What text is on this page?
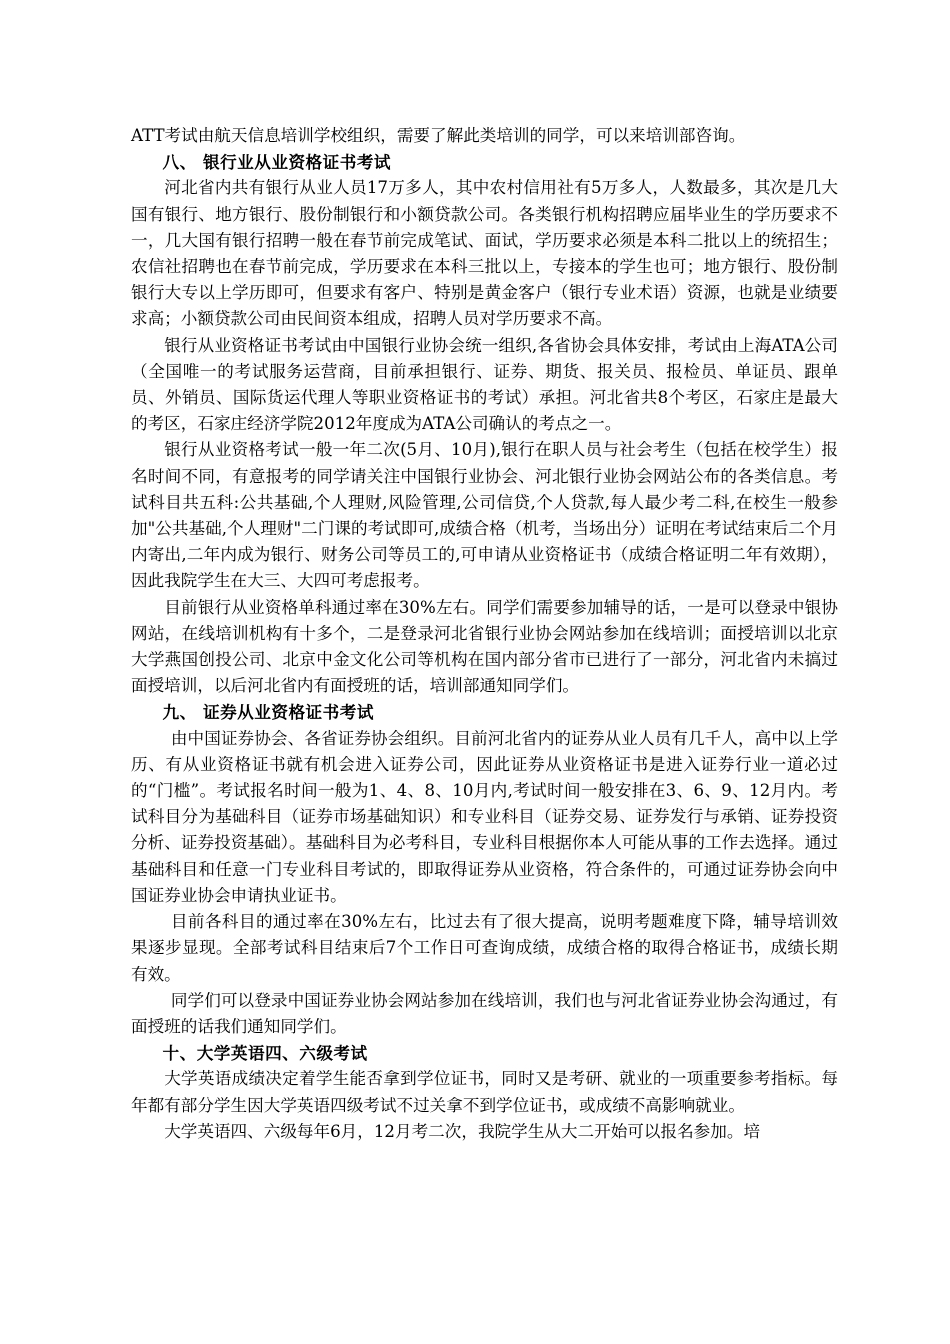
ATT考试由航天信息培训学校组织，需要了解此类培训的同学，可以来培训部咨询。

八、 银行业从业资格证书考试

河北省内共有银行从业人员17万多人，其中农村信用社有5万多人，人数最多，其次是几大国有银行、地方银行、股份制银行和小额贷款公司。各类银行机构招聘应届毕业生的学历要求不一，几大国有银行招聘一般在春节前完成笔试、面试，学历要求必须是本科二批以上的统招生；农信社招聘也在春节前完成，学历要求在本科三批以上，专接本的学生也可；地方银行、股份制银行大专以上学历即可，但要求有客户、特别是黄金客户（银行专业术语）资源，也就是业绩要求高；小额贷款公司由民间资本组成，招聘人员对学历要求不高。

银行从业资格证书考试由中国银行业协会统一组织,各省协会具体安排，考试由上海ATA公司（全国唯一的考试服务运营商，目前承担银行、证券、期货、报关员、报检员、单证员、跟单员、外销员、国际货运代理人等职业资格证书的考试）承担。河北省共8个考区，石家庄是最大的考区，石家庄经济学院2012年度成为ATA公司确认的考点之一。

银行从业资格考试一般一年二次(5月、10月),银行在职人员与社会考生（包括在校学生）报名时间不同，有意报考的同学请关注中国银行业协会、河北银行业协会网站公布的各类信息。考试科目共五科:公共基础,个人理财,风险管理,公司信贷,个人贷款,每人最少考二科,在校生一般参加"公共基础,个人理财"二门课的考试即可,成绩合格（机考，当场出分）证明在考试结束后二个月内寄出,二年内成为银行、财务公司等员工的,可申请从业资格证书（成绩合格证明二年有效期），因此我院学生在大三、大四可考虑报考。

目前银行从业资格单科通过率在30%左右。同学们需要参加辅导的话，一是可以登录中银协网站，在线培训机构有十多个，二是登录河北省银行业协会网站参加在线培训；面授培训以北京大学燕国创投公司、北京中金文化公司等机构在国内部分省市已进行了一部分，河北省内未搞过面授培训，以后河北省内有面授班的话，培训部通知同学们。

九、 证券从业资格证书考试

由中国证券协会、各省证券协会组织。目前河北省内的证券从业人员有几千人，高中以上学历、有从业资格证书就有机会进入证券公司，因此证券从业资格证书是进入证券行业一道必过的“门槛”。考试报名时间一般为1、4、8、10月内,考试时间一般安排在3、6、9、12月内。考试科目分为基础科目（证券市场基础知识）和专业科目（证券交易、证券发行与承销、证券投资分析、证券投资基础）。基础科目为必考科目，专业科目根据你本人可能从事的工作去选择。通过基础科目和任意一门专业科目考试的，即取得证券从业资格，符合条件的，可通过证券协会向中国证券业协会申请执业证书。

目前各科目的通过率在30%左右，比过去有了很大提高，说明考题难度下降，辅导培训效果逐步显现。全部考试科目结束后7个工作日可查询成绩，成绩合格的取得合格证书，成绩长期有效。

同学们可以登录中国证券业协会网站参加在线培训，我们也与河北省证券业协会沟通过，有面授班的话我们通知同学们。

十、大学英语四、六级考试

大学英语成绩决定着学生能否拿到学位证书，同时又是考研、就业的一项重要参考指标。每年都有部分学生因大学英语四级考试不过关拿不到学位证书，或成绩不高影响就业。

大学英语四、六级每年6月，12月考二次，我院学生从大二开始可以报名参加。培
